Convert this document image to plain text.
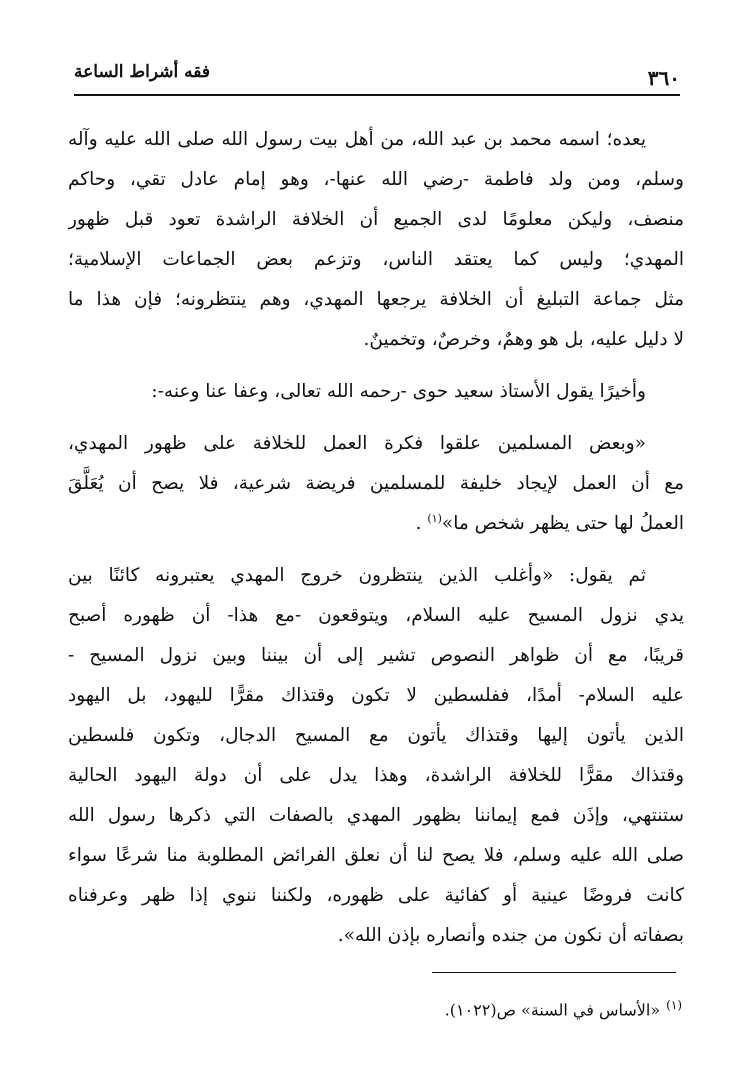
٣٦٠
فقه أشراط الساعة
يعده؛ اسمه محمد بن عبد الله، من أهل بيت رسول الله صلى الله عليه وآله
وسلم، ومن ولد فاطمة -رضي الله عنها-، وهو إمام عادل تقي، وحاكم
منصف، وليكن معلومًا لدى الجميع أن الخلافة الراشدة تعود قبل ظهور
المهدي؛ وليس كما يعتقد الناس، وتزعم بعض الجماعات الإسلامية؛
مثل جماعة التبليغ أن الخلافة يرجعها المهدي، وهم ينتظرونه؛ فإن هذا ما
لا دليل عليه، بل هو وهمٌ، وخرصٌ، وتخمينٌ.
وأخيرًا يقول الأستاذ سعيد حوى -رحمه الله تعالى، وعفا عنا وعنه-:
«وبعض المسلمين علقوا فكرة العمل للخلافة على ظهور المهدي،
مع أن العمل لإيجاد خليفة للمسلمين فريضة شرعية، فلا يصح أن يُعَلَّقَ
العملُ لها حتى يظهر شخص ما»$^{(١)}$ .
ثم يقول: «وأغلب الذين ينتظرون خروج المهدي يعتبرونه كائنًا بين
يدي نزول المسيح عليه السلام، ويتوقعون -مع هذا- أن ظهوره أصبح
قريبًا، مع أن ظواهر النصوص تشير إلى أن بيننا وبين نزول المسيح -
عليه السلام- أمدًا، ففلسطين لا تكون وقتذاك مقرًّا لليهود، بل اليهود
الذين يأتون إليها وقتذاك يأتون مع المسيح الدجال، وتكون فلسطين
وقتذاك مقرًّا للخلافة الراشدة، وهذا يدل على أن دولة اليهود الحالية
ستنتهي، وإذَن فمع إيماننا بظهور المهدي بالصفات التي ذكرها رسول الله
صلى الله عليه وسلم، فلا يصح لنا أن نعلق الفرائض المطلوبة منا شرعًا سواء
كانت فروضًا عينية أو كفائية على ظهوره، ولكننا ننوي إذا ظهر وعرفناه
بصفاته أن نكون من جنده وأنصاره بإذن الله».
$^{(١)}$«الأساس في السنة» ص(١٠٢٢).
